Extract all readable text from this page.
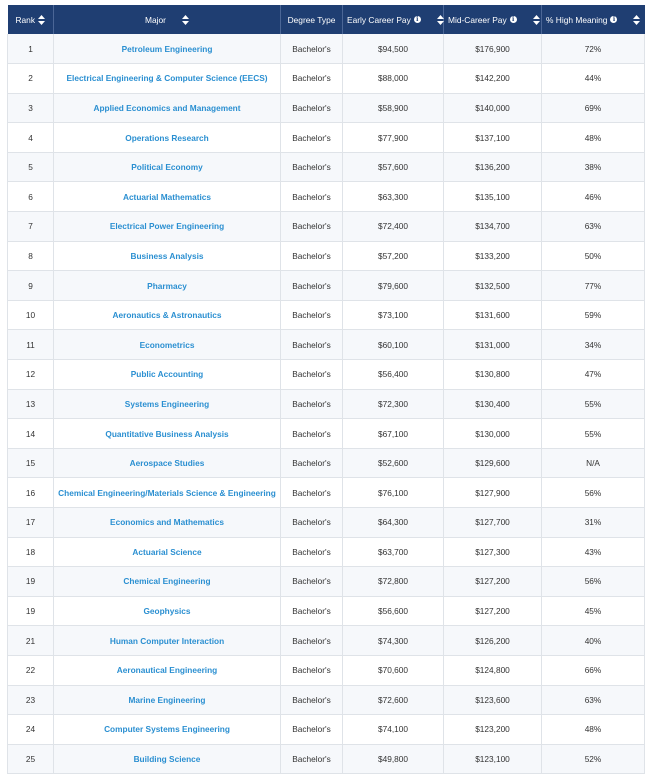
Rank	Major	Degree Type	Early Career Pay i	Mid-Career Pay i	% High Meaning i

1	Petroleum Engineering	Bachelor's	$94,500	$176,900	72%
2	Electrical Engineering & Computer Science (EECS)	Bachelor's	$88,000	$142,200	44%
3	Applied Economics and Management	Bachelor's	$58,900	$140,000	69%
4	Operations Research	Bachelor's	$77,900	$137,100	48%
5	Political Economy	Bachelor's	$57,600	$136,200	38%
6	Actuarial Mathematics	Bachelor's	$63,300	$135,100	46%
7	Electrical Power Engineering	Bachelor's	$72,400	$134,700	63%
8	Business Analysis	Bachelor's	$57,200	$133,200	50%
9	Pharmacy	Bachelor's	$79,600	$132,500	77%
10	Aeronautics & Astronautics	Bachelor's	$73,100	$131,600	59%
11	Econometrics	Bachelor's	$60,100	$131,000	34%
12	Public Accounting	Bachelor's	$56,400	$130,800	47%
13	Systems Engineering	Bachelor's	$72,300	$130,400	55%
14	Quantitative Business Analysis	Bachelor's	$67,100	$130,000	55%
15	Aerospace Studies	Bachelor's	$52,600	$129,600	N/A
16	Chemical Engineering/Materials Science & Engineering	Bachelor's	$76,100	$127,900	56%
17	Economics and Mathematics	Bachelor's	$64,300	$127,700	31%
18	Actuarial Science	Bachelor's	$63,700	$127,300	43%
19	Chemical Engineering	Bachelor's	$72,800	$127,200	56%
19	Geophysics	Bachelor's	$56,600	$127,200	45%
21	Human Computer Interaction	Bachelor's	$74,300	$126,200	40%
22	Aeronautical Engineering	Bachelor's	$70,600	$124,800	66%
23	Marine Engineering	Bachelor's	$72,600	$123,600	63%
24	Computer Systems Engineering	Bachelor's	$74,100	$123,200	48%
25	Building Science	Bachelor's	$49,800	$123,100	52%
